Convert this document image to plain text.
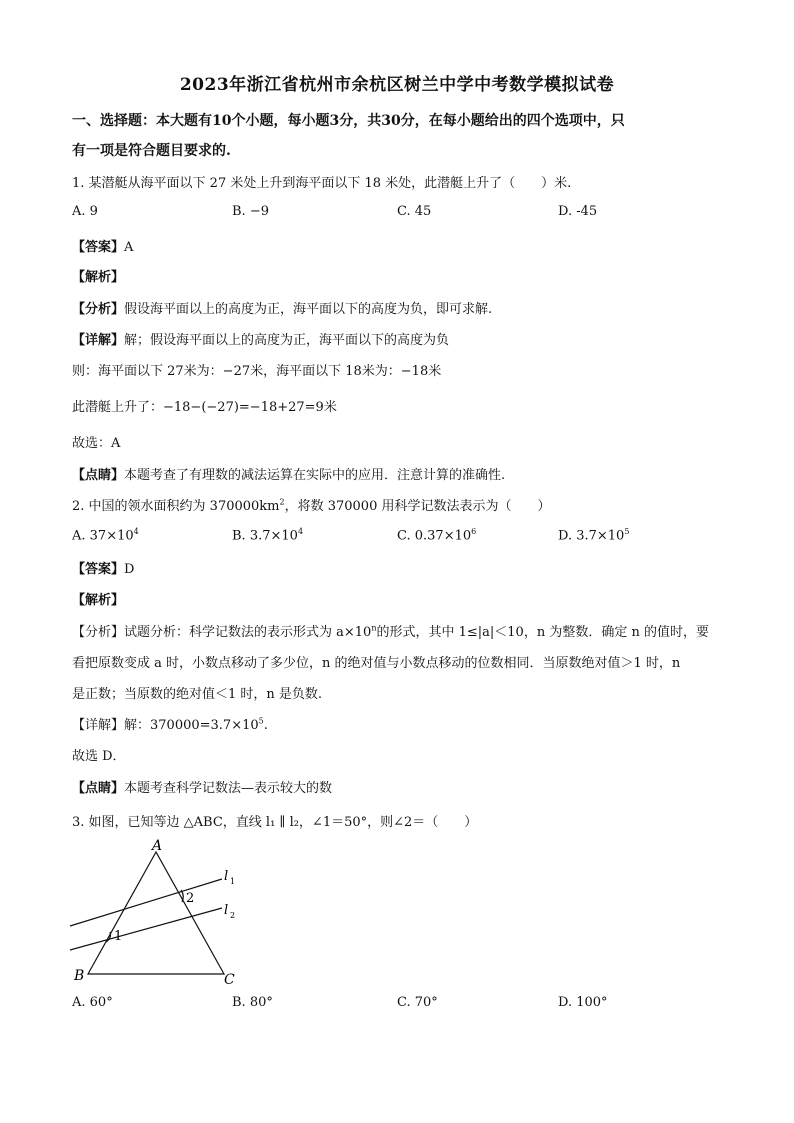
2023年浙江省杭州市余杭区树兰中学中考数学模拟试卷
一、选择题：本大题有10个小题，每小题3分，共30分，在每小题给出的四个选项中，只
有一项是符合题目要求的.
1. 某潜艇从海平面以下 27 米处上升到海平面以下 18 米处，此潜艇上升了（　　）米.
A. 9	B. −9	C. 45	D. -45
【答案】A
【解析】
【分析】假设海平面以上的高度为正，海平面以下的高度为负，即可求解.
【详解】解；假设海平面以上的高度为正，海平面以下的高度为负
则：海平面以下 27米为：−27米，海平面以下 18米为：−18米
此潜艇上升了：−18−(−27)=−18+27=9米
故选：A
【点睛】本题考查了有理数的减法运算在实际中的应用．注意计算的准确性.
2. 中国的领水面积约为 $370000km^2$，将数 370000 用科学记数法表示为（　　）
A. $37\times 10^4$	B. $3.7\times 10^4$	C. $0.37\times 10^6$	D. $3.7\times 10^5$
【答案】D
【解析】
【分析】试题分析：科学记数法的表示形式为 $a\times 10^n$的形式，其中 1≤|a|＜10，n 为整数．确定 n 的值时，要
看把原数变成 a 时，小数点移动了多少位，n 的绝对值与小数点移动的位数相同．当原数绝对值＞1 时，n
是正数；当原数的绝对值＜1 时，n 是负数.
【详解】解：$370000=3.7\times 10^5$.
故选 D．
【点睛】本题考查科学记数法—表示较大的数
3. 如图，已知等边 △ABC，直线 l₁ ∥ l₂，∠1＝50°，则∠2＝（　　）
A
B	C
l 1
l 2
1
2
A. 60°	B. 80°	C. 70°	D. 100°
